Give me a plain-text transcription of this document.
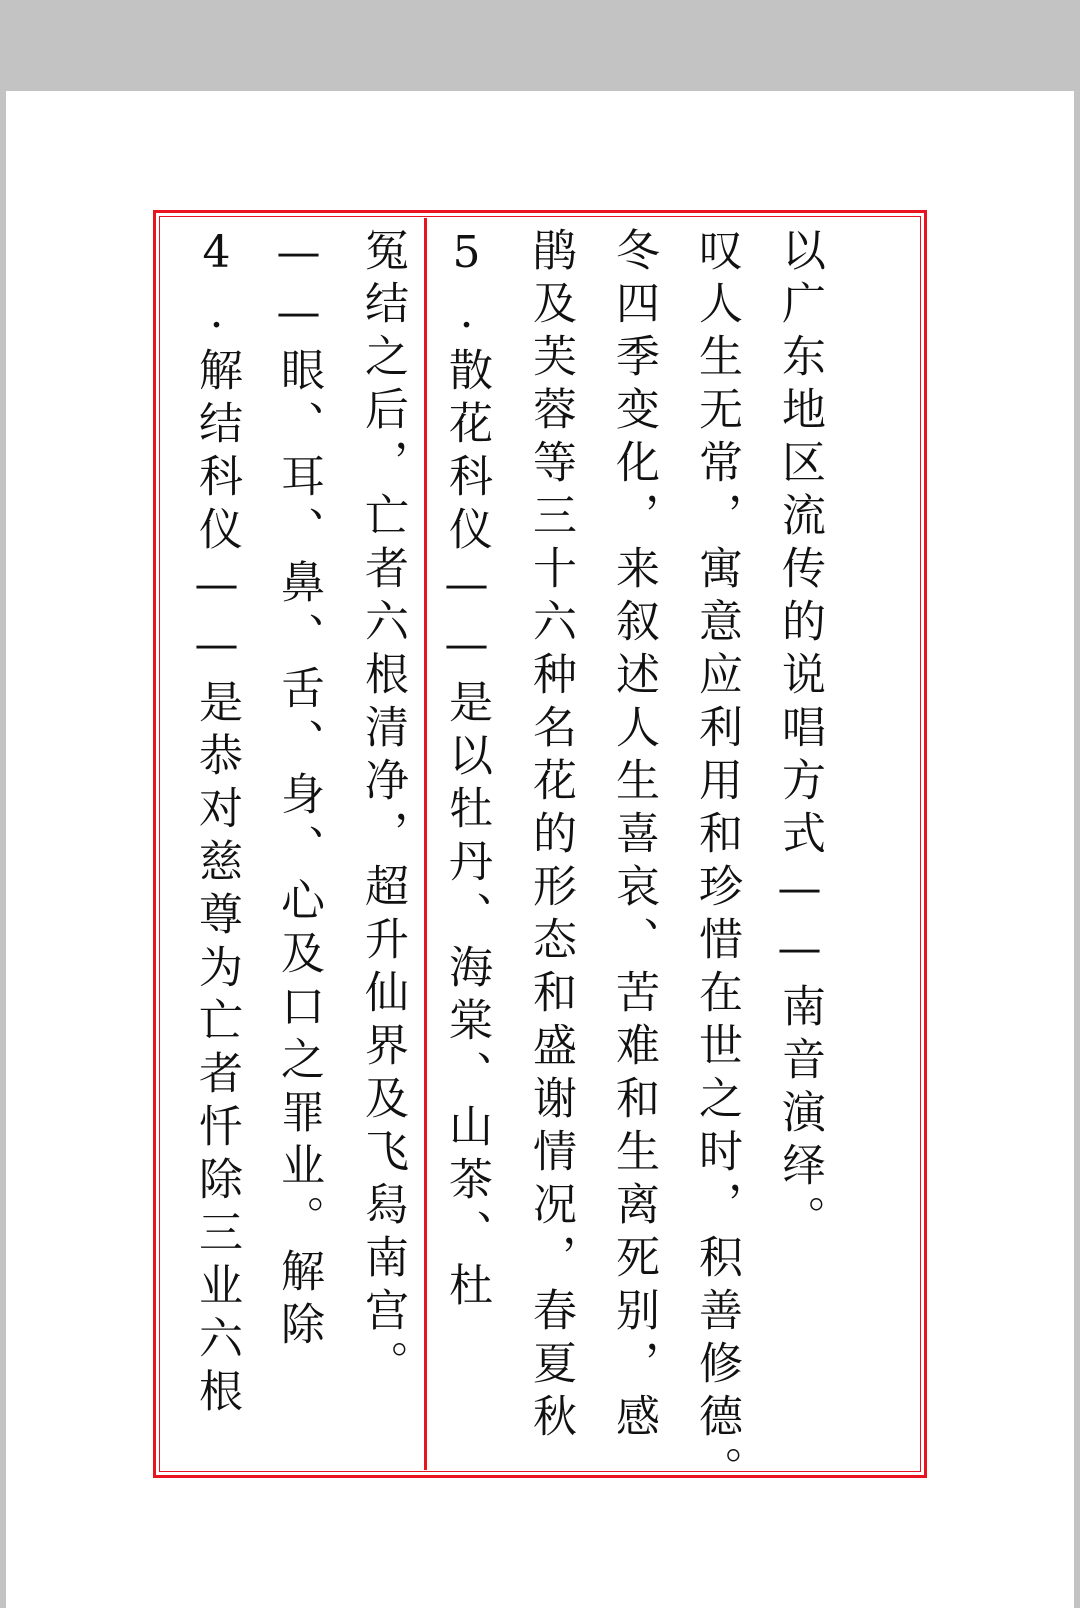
以广东地区流传的说唱方式——南音演绎。
叹人生无常，寓意应利用和珍惜在世之时，积善修德。
冬四季变化，来叙述人生喜哀、苦难和生离死别，感
鹃及芙蓉等三十六种名花的形态和盛谢情况，春夏秋
5.散花科仪——是以牡丹、海棠、山茶、杜
冤结之后，亡者六根清净，超升仙界及飞舄南宫。
——眼、耳、鼻、舌、身、心及口之罪业。解除
4.解结科仪——是恭对慈尊为亡者忏除三业六根
